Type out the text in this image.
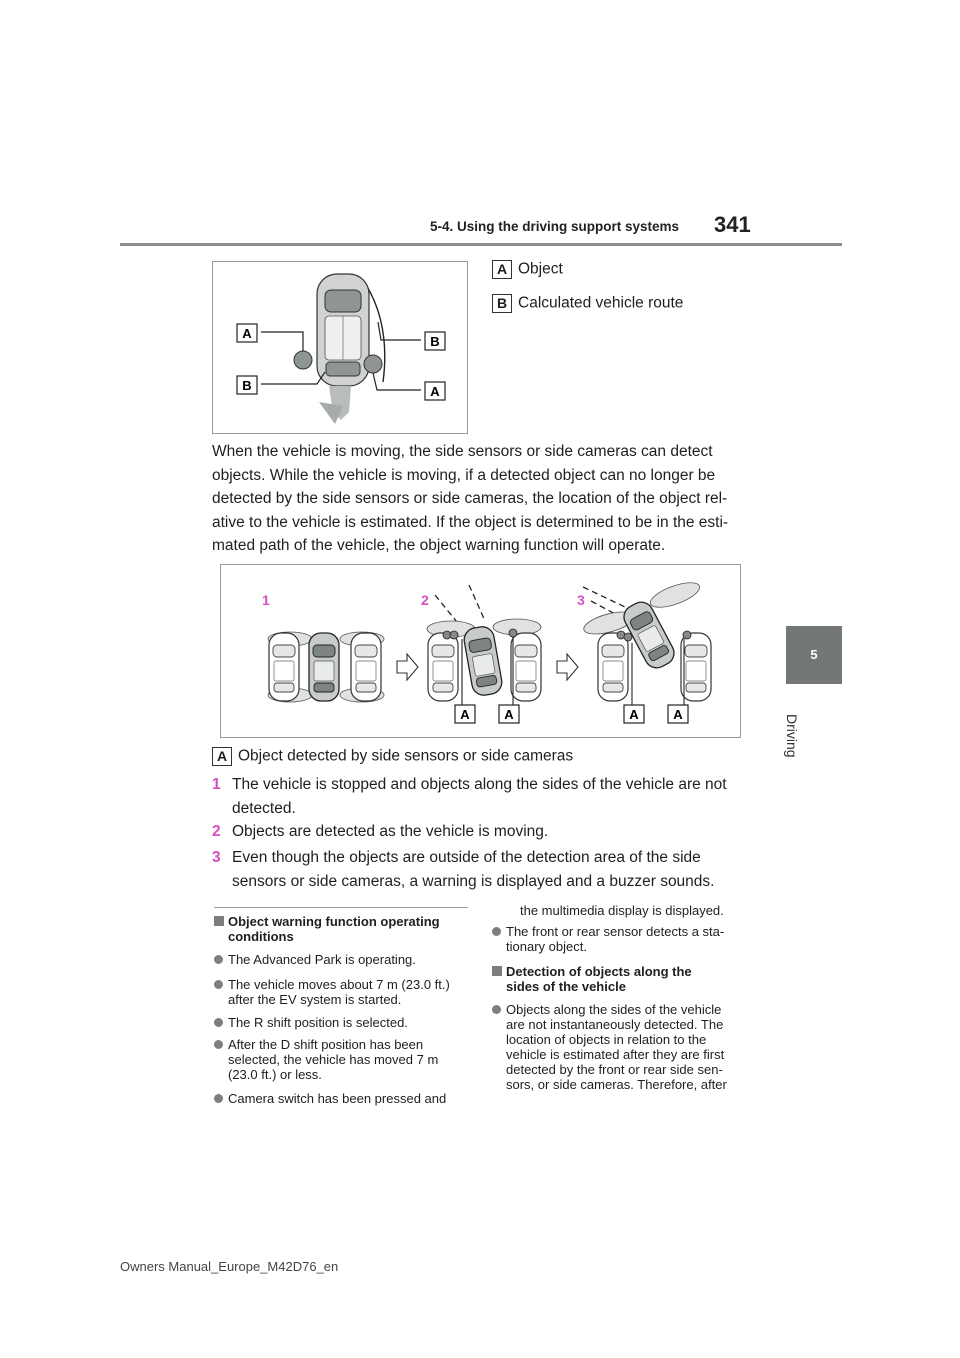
5-4. Using the driving support systems 341
5
Driving
A
B
B	A
A Object
B Calculated vehicle route
When the vehicle is moving, the side sensors or side cameras can detect
objects. While the vehicle is moving, if a detected object can no longer be
detected by the side sensors or side cameras, the location of the object rel-
ative to the vehicle is estimated. If the object is determined to be in the esti-
mated path of the vehicle, the object warning function will operate.
1	2	3
A	A	A	A
A Object detected by side sensors or side cameras
1 The vehicle is stopped and objects along the sides of the vehicle are not
detected.
2 Objects are detected as the vehicle is moving.
3 Even though the objects are outside of the detection area of the side
sensors or side cameras, a warning is displayed and a buzzer sounds.
Object warning function operating
conditions
The Advanced Park is operating.
The vehicle moves about 7 m (23.0 ft.)
after the EV system is started.
The R shift position is selected.
After the D shift position has been
selected, the vehicle has moved 7 m
(23.0 ft.) or less.
Camera switch has been pressed and
the multimedia display is displayed.
The front or rear sensor detects a sta-
tionary object.
Detection of objects along the
sides of the vehicle
Objects along the sides of the vehicle
are not instantaneously detected. The
location of objects in relation to the
vehicle is estimated after they are first
detected by the front or rear side sen-
sors, or side cameras. Therefore, after
Owners Manual_Europe_M42D76_en
